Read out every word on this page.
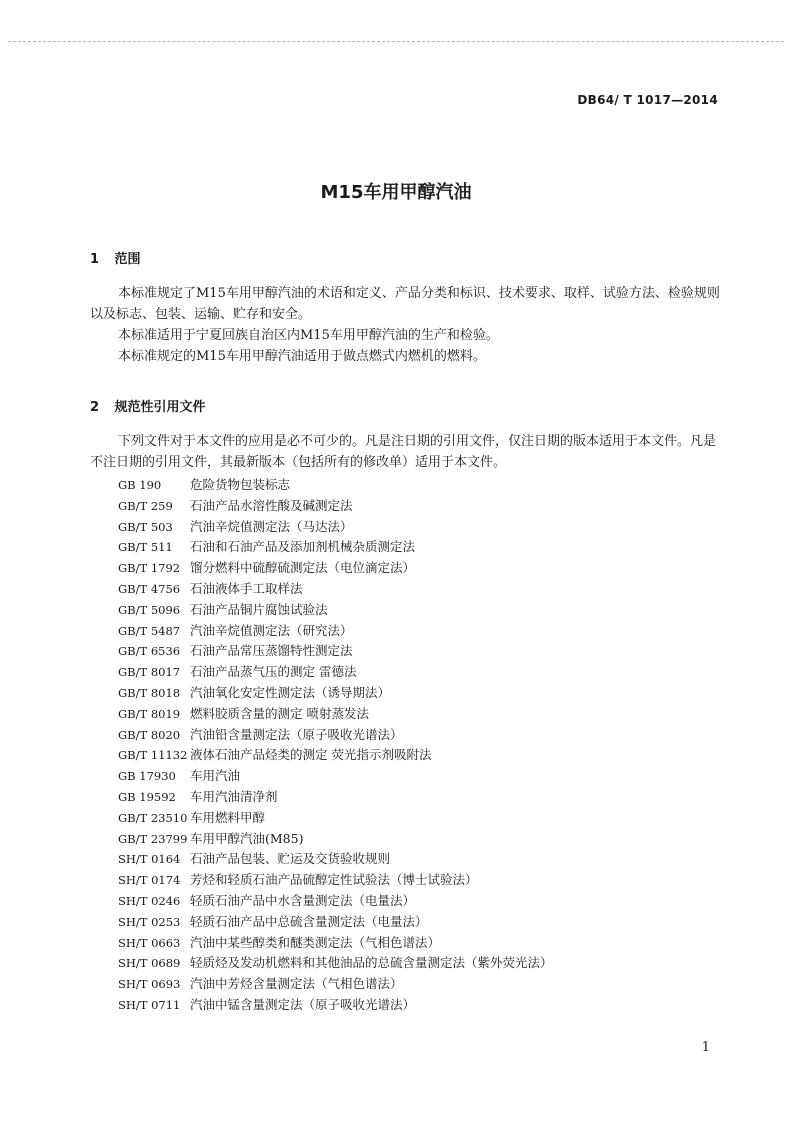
DB64/ T 1017—2014
M15车用甲醇汽油
1 范围
本标准规定了M15车用甲醇汽油的术语和定义、产品分类和标识、技术要求、取样、试验方法、检验规则以及标志、包装、运输、贮存和安全。
本标准适用于宁夏回族自治区内M15车用甲醇汽油的生产和检验。
本标准规定的M15车用甲醇汽油适用于做点燃式内燃机的燃料。
2 规范性引用文件
下列文件对于本文件的应用是必不可少的。凡是注日期的引用文件，仅注日期的版本适用于本文件。凡是不注日期的引用文件，其最新版本（包括所有的修改单）适用于本文件。
GB 190 危险货物包装标志
GB/T 259 石油产品水溶性酸及碱测定法
GB/T 503 汽油辛烷值测定法（马达法）
GB/T 511 石油和石油产品及添加剂机械杂质测定法
GB/T 1792 馏分燃料中硫醇硫测定法（电位滴定法）
GB/T 4756 石油液体手工取样法
GB/T 5096 石油产品铜片腐蚀试验法
GB/T 5487 汽油辛烷值测定法（研究法）
GB/T 6536 石油产品常压蒸馏特性测定法
GB/T 8017 石油产品蒸气压的测定 雷德法
GB/T 8018 汽油氧化安定性测定法（诱导期法）
GB/T 8019 燃料胶质含量的测定 喷射蒸发法
GB/T 8020 汽油铅含量测定法（原子吸收光谱法）
GB/T 11132 液体石油产品烃类的测定 荧光指示剂吸附法
GB 17930 车用汽油
GB 19592 车用汽油清净剂
GB/T 23510 车用燃料甲醇
GB/T 23799 车用甲醇汽油(M85)
SH/T 0164 石油产品包装、贮运及交货验收规则
SH/T 0174 芳烃和轻质石油产品硫醇定性试验法（博士试验法）
SH/T 0246 轻质石油产品中水含量测定法（电量法）
SH/T 0253 轻质石油产品中总硫含量测定法（电量法）
SH/T 0663 汽油中某些醇类和醚类测定法（气相色谱法）
SH/T 0689 轻质烃及发动机燃料和其他油品的总硫含量测定法（紫外荧光法）
SH/T 0693 汽油中芳烃含量测定法（气相色谱法）
SH/T 0711 汽油中锰含量测定法（原子吸收光谱法）
1
